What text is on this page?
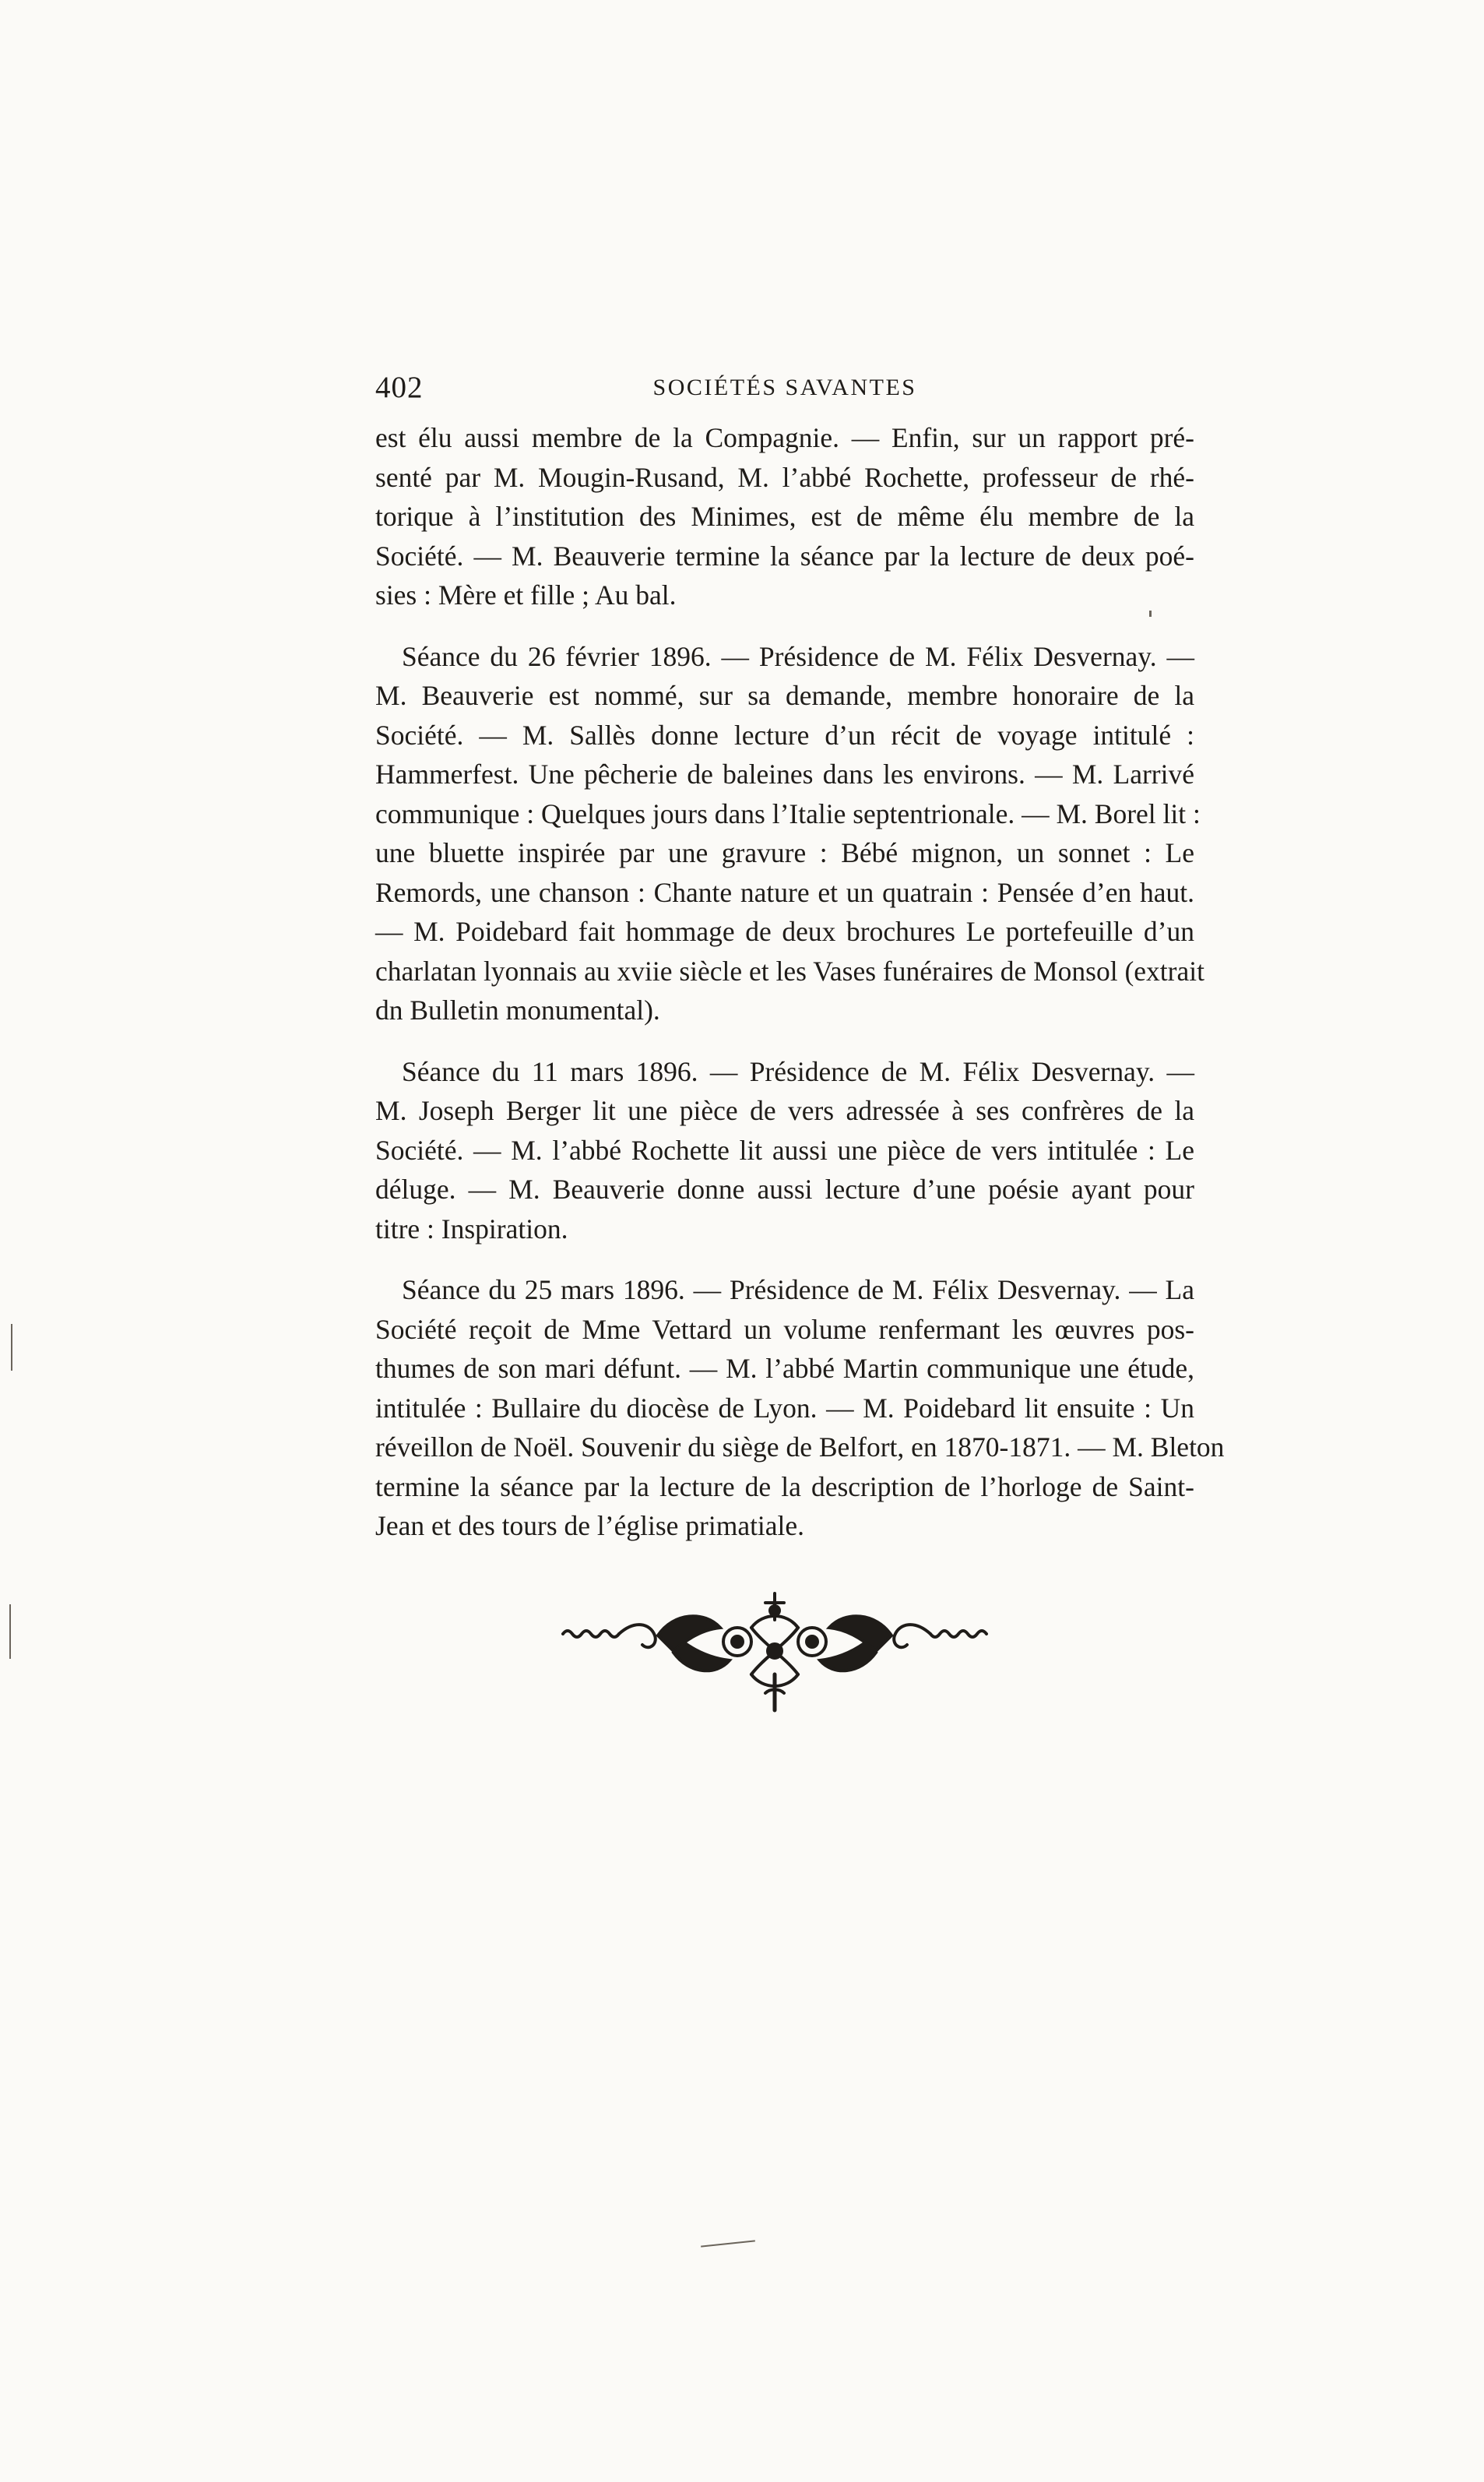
402	SOCIÉTÉS SAVANTES

est élu aussi membre de la Compagnie. — Enfin, sur un rapport pré-
senté par M. Mougin-Rusand, M. l’abbé Rochette, professeur de rhé-
torique à l’institution des Minimes, est de même élu membre de la
Société. — M. Beauverie termine la séance par la lecture de deux poé-
sies : Mère et fille ; Au bal.

Séance du 26 février 1896. — Présidence de M. Félix Desvernay. —
M. Beauverie est nommé, sur sa demande, membre honoraire de la
Société. — M. Sallès donne lecture d’un récit de voyage intitulé :
Hammerfest. Une pêcherie de baleines dans les environs. — M. Larrivé
communique : Quelques jours dans l’Italie septentrionale. — M. Borel lit :
une bluette inspirée par une gravure : Bébé mignon, un sonnet : Le
Remords, une chanson : Chante nature et un quatrain : Pensée d’en haut.
— M. Poidebard fait hommage de deux brochures Le portefeuille d’un
charlatan lyonnais au xviie siècle et les Vases funéraires de Monsol (extrait
dn Bulletin monumental).

Séance du 11 mars 1896. — Présidence de M. Félix Desvernay. —
M. Joseph Berger lit une pièce de vers adressée à ses confrères de la
Société. — M. l’abbé Rochette lit aussi une pièce de vers intitulée : Le
déluge. — M. Beauverie donne aussi lecture d’une poésie ayant pour
titre : Inspiration.

Séance du 25 mars 1896. — Présidence de M. Félix Desvernay. — La
Société reçoit de Mme Vettard un volume renfermant les œuvres pos-
thumes de son mari défunt. — M. l’abbé Martin communique une étude,
intitulée : Bullaire du diocèse de Lyon. — M. Poidebard lit ensuite : Un
réveillon de Noël. Souvenir du siège de Belfort, en 1870-1871. — M. Bleton
termine la séance par la lecture de la description de l’horloge de Saint-
Jean et des tours de l’église primatiale.
